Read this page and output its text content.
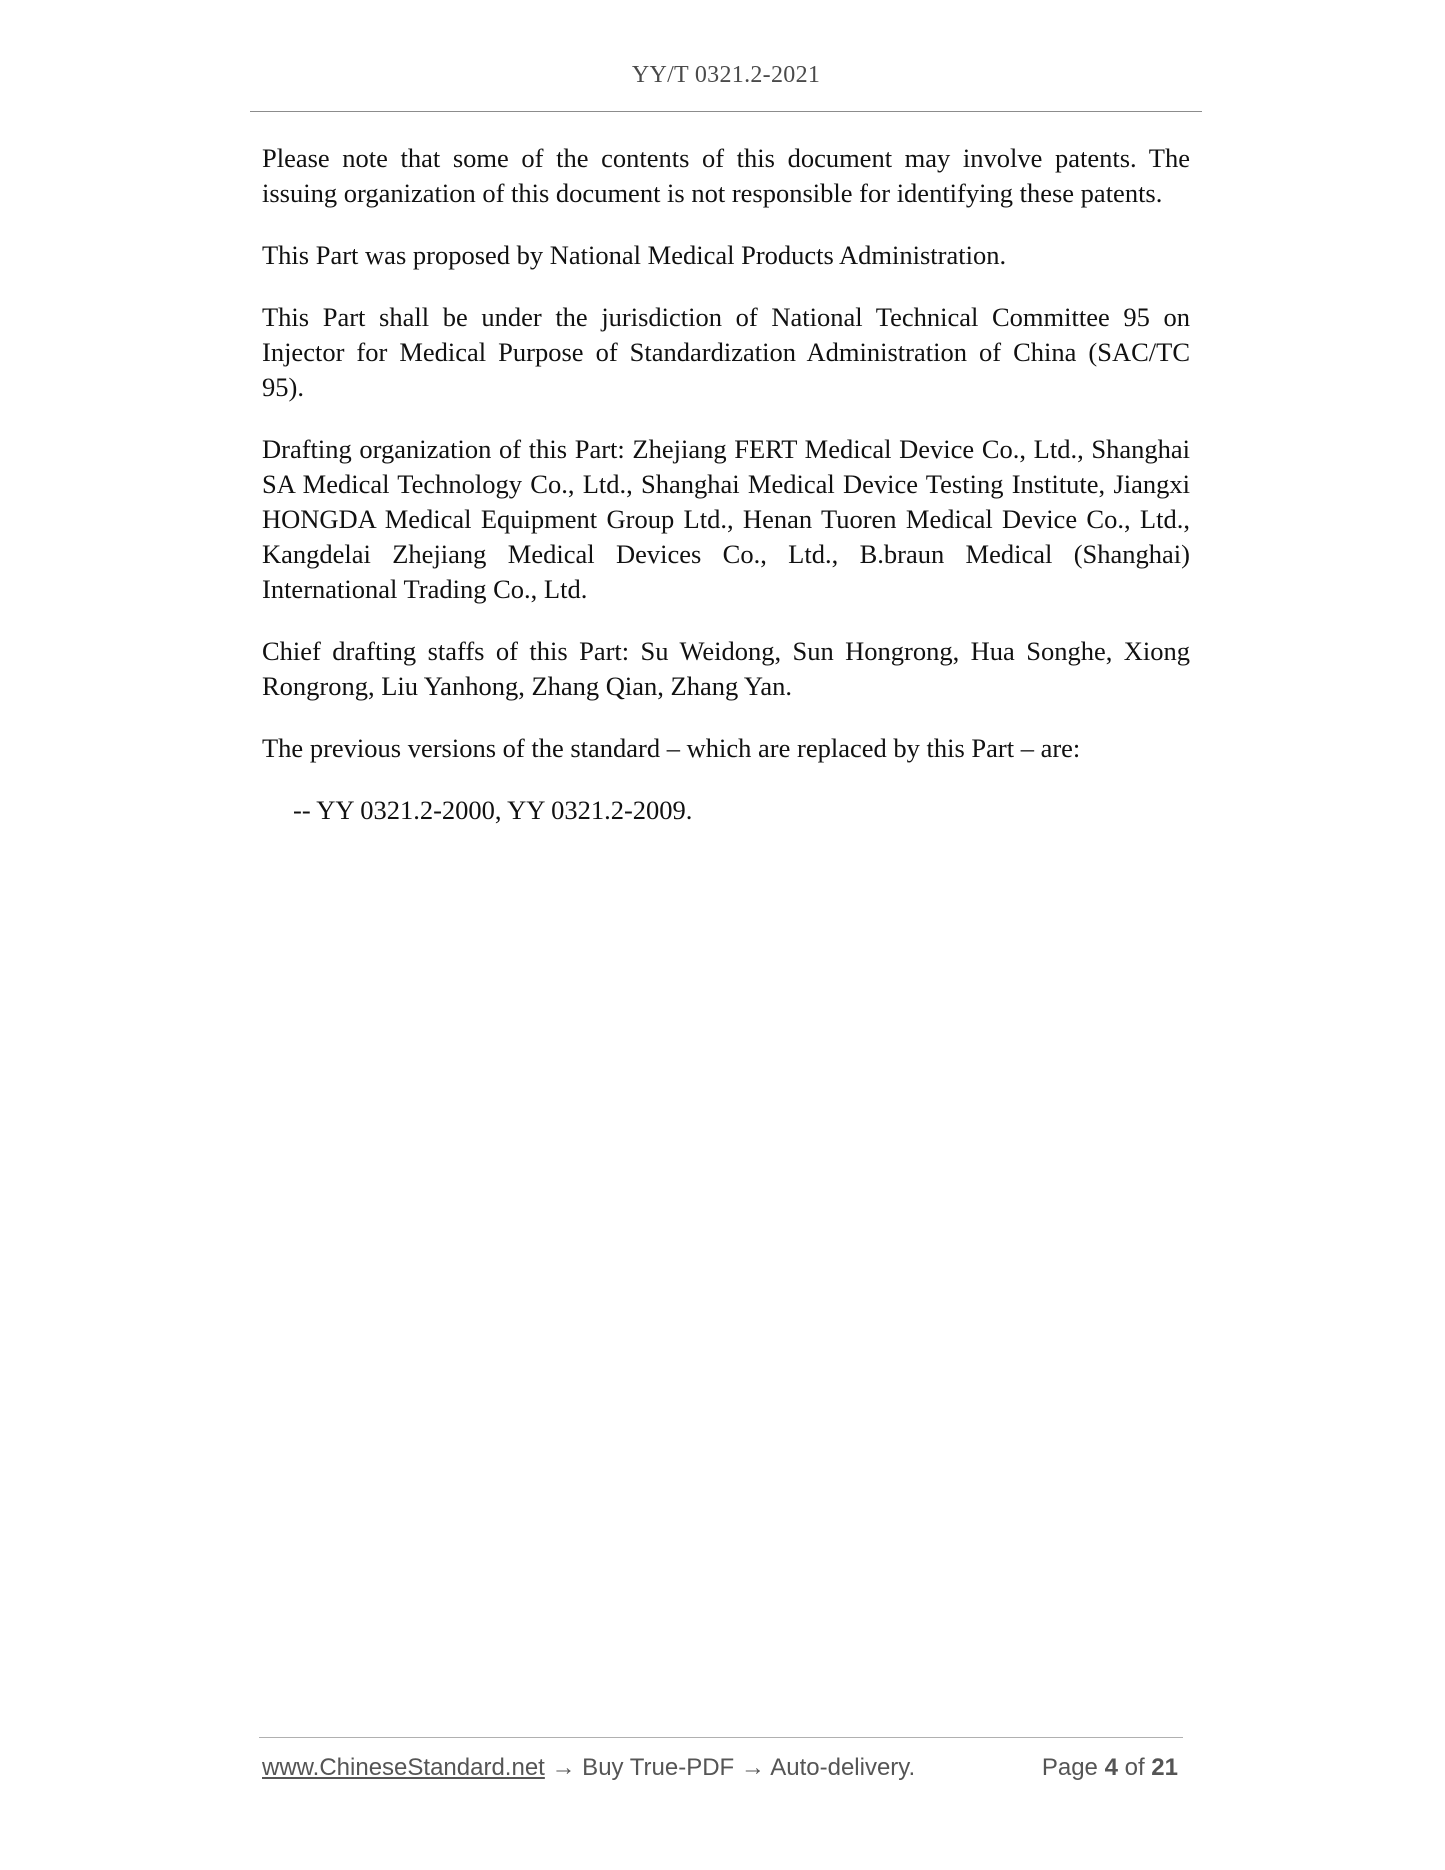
YY/T 0321.2-2021

Please note that some of the contents of this document may involve patents. The issuing organization of this document is not responsible for identifying these patents.

This Part was proposed by National Medical Products Administration.

This Part shall be under the jurisdiction of National Technical Committee 95 on Injector for Medical Purpose of Standardization Administration of China (SAC/TC 95).

Drafting organization of this Part: Zhejiang FERT Medical Device Co., Ltd., Shanghai SA Medical Technology Co., Ltd., Shanghai Medical Device Testing Institute, Jiangxi HONGDA Medical Equipment Group Ltd., Henan Tuoren Medical Device Co., Ltd., Kangdelai Zhejiang Medical Devices Co., Ltd., B.braun Medical (Shanghai) International Trading Co., Ltd.

Chief drafting staffs of this Part: Su Weidong, Sun Hongrong, Hua Songhe, Xiong Rongrong, Liu Yanhong, Zhang Qian, Zhang Yan.

The previous versions of the standard – which are replaced by this Part – are:

-- YY 0321.2-2000, YY 0321.2-2009.
www.ChineseStandard.net → Buy True-PDF → Auto-delivery.	Page 4 of 21
